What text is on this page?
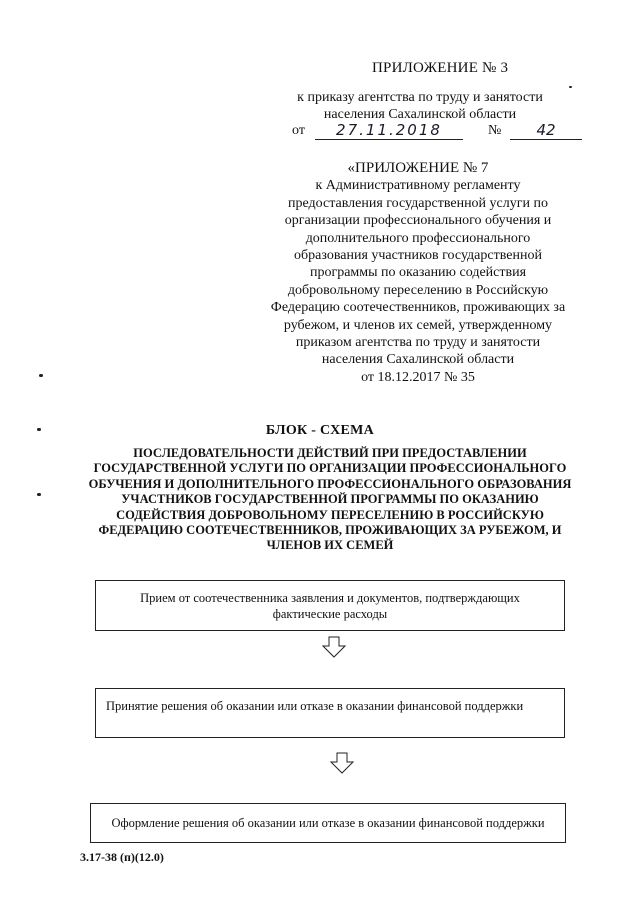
ПРИЛОЖЕНИЕ № 3
к приказу агентства по труду и занятости
населения Сахалинской области
от	27.11.2018	№	42
«ПРИЛОЖЕНИЕ № 7
к Административному регламенту
предоставления государственной услуги по
организации профессионального обучения и
дополнительного профессионального
образования участников государственной
программы по оказанию содействия
добровольному переселению в Российскую
Федерацию соотечественников, проживающих за
рубежом, и членов их семей, утвержденному
приказом агентства по труду и занятости
населения Сахалинской области
от 18.12.2017 № 35
БЛОК - СХЕМА
ПОСЛЕДОВАТЕЛЬНОСТИ ДЕЙСТВИЙ ПРИ ПРЕДОСТАВЛЕНИИ
ГОСУДАРСТВЕННОЙ УСЛУГИ ПО ОРГАНИЗАЦИИ ПРОФЕССИОНАЛЬНОГО
ОБУЧЕНИЯ И ДОПОЛНИТЕЛЬНОГО ПРОФЕССИОНАЛЬНОГО ОБРАЗОВАНИЯ
УЧАСТНИКОВ ГОСУДАРСТВЕННОЙ ПРОГРАММЫ ПО ОКАЗАНИЮ
СОДЕЙСТВИЯ ДОБРОВОЛЬНОМУ ПЕРЕСЕЛЕНИЮ В РОССИЙСКУЮ
ФЕДЕРАЦИЮ СООТЕЧЕСТВЕННИКОВ, ПРОЖИВАЮЩИХ ЗА РУБЕЖОМ, И
ЧЛЕНОВ ИХ СЕМЕЙ
Прием от соотечественника заявления и документов, подтверждающих фактические расходы
Принятие решения об оказании или отказе в оказании финансовой поддержки
Оформление решения об оказании или отказе в оказании финансовой поддержки
3.17-38 (п)(12.0)
